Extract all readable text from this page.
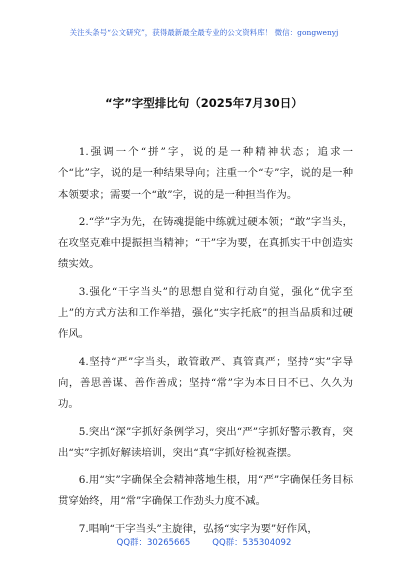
关注头条号“公文研究”，获得最新最全最专业的公文资料库！ 微信：gongwenyj
“字”字型排比句（2025年7月30日）

1.强调一个“拼”字，说的是一种精神状态；追求一个“比”字，说的是一种结果导向；注重一个“专”字，说的是一种本领要求；需要一个“敢”字，说的是一种担当作为。

2.“学”字为先，在铸魂提能中练就过硬本领；“敢”字当头，在攻坚克难中提振担当精神；“干”字为要，在真抓实干中创造实绩实效。

3.强化“干字当头”的思想自觉和行动自觉，强化“优字至上”的方式方法和工作举措，强化“实字托底”的担当品质和过硬作风。

4.坚持“严”字当头，敢管敢严、真管真严；坚持“实”字导向，善思善谋、善作善成；坚持“常”字为本日日不已、久久为功。

5.突出“深”字抓好条例学习，突出“严”字抓好警示教育，突出“实”字抓好解读培训，突出“真”字抓好检视查摆。

6.用“实”字确保全会精神落地生根，用“严”字确保任务目标贯穿始终，用“常”字确保工作劲头力度不减。

7.唱响“干字当头”主旋律，弘扬“实字为要”好作风，

QQ群：30265665	QQ群：535304092
